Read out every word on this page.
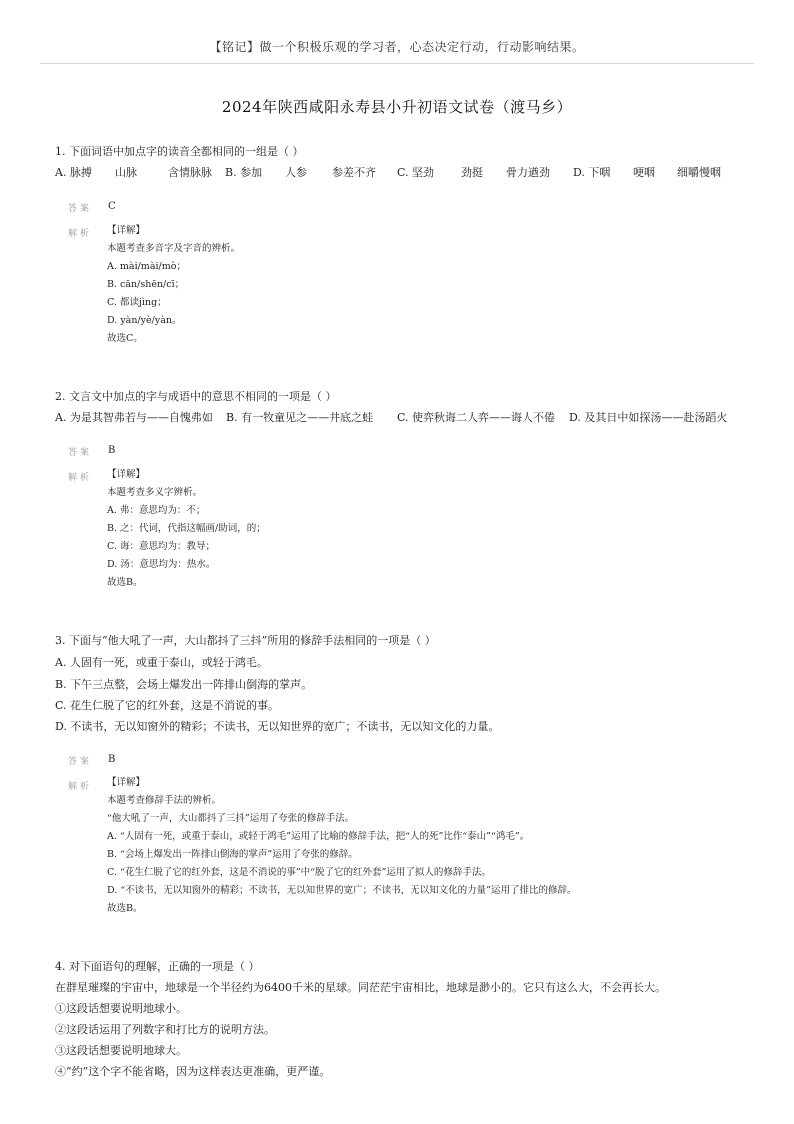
【铭记】做一个积极乐观的学习者，心态决定行动，行动影响结果。
2024年陕西咸阳永寿县小升初语文试卷（渡马乡）
1. 下面词语中加点字的读音全都相同的一组是（ ）
A. 脉搏 山脉	含情脉脉 B. 参加 人参 参差不齐 C. 坚劲 劲挺 骨力遒劲 D. 下咽 哽咽 细嚼慢咽
答案 C
解析 【详解】
本题考查多音字及字音的辨析。
A. mài/mài/mò；
B. cān/shēn/cī；
C. 都读jìng；
D. yàn/yè/yàn。
故选C。
2. 文言文中加点的字与成语中的意思不相同的一项是（ ）
A. 为是其智弗若与——自愧弗如 B. 有一牧童见之——井底之蛙 C. 使弈秋诲二人弈——诲人不倦 D. 及其日中如探汤——赴汤蹈火
答案 B
解析 【详解】
本题考查多义字辨析。
A. 弗：意思均为：不；
B. 之：代词，代指这幅画/助词，的；
C. 诲：意思均为：教导；
D. 汤：意思均为：热水。
故选B。
3. 下面与“他大吼了一声，大山都抖了三抖”所用的修辞手法相同的一项是（ ）
A. 人固有一死，或重于泰山，或轻于鸿毛。
B. 下午三点整，会场上爆发出一阵排山倒海的掌声。
C. 花生仁脱了它的红外套，这是不消说的事。
D. 不读书，无以知窗外的精彩；不读书，无以知世界的宽广；不读书，无以知文化的力量。
答案 B
解析 【详解】
本题考查修辞手法的辨析。
“他大吼了一声，大山都抖了三抖”运用了夸张的修辞手法。
A. “人固有一死，或重于泰山，或轻于鸿毛”运用了比喻的修辞手法，把“人的死”比作“泰山”“鸿毛”。
B. “会场上爆发出一阵排山倒海的掌声”运用了夸张的修辞。
C. “花生仁脱了它的红外套，这是不消说的事”中“脱了它的红外套”运用了拟人的修辞手法。
D. “不读书，无以知窗外的精彩；不读书，无以知世界的宽广；不读书，无以知文化的力量”运用了排比的修辞。
故选B。
4. 对下面语句的理解，正确的一项是（ ）
在群星璀璨的宇宙中，地球是一个半径约为6400千米的星球。同茫茫宇宙相比，地球是渺小的。它只有这么大，不会再长大。
①这段话想要说明地球小。
②这段话运用了列数字和打比方的说明方法。
③这段话想要说明地球大。
④“约”这个字不能省略，因为这样表达更准确，更严谨。
